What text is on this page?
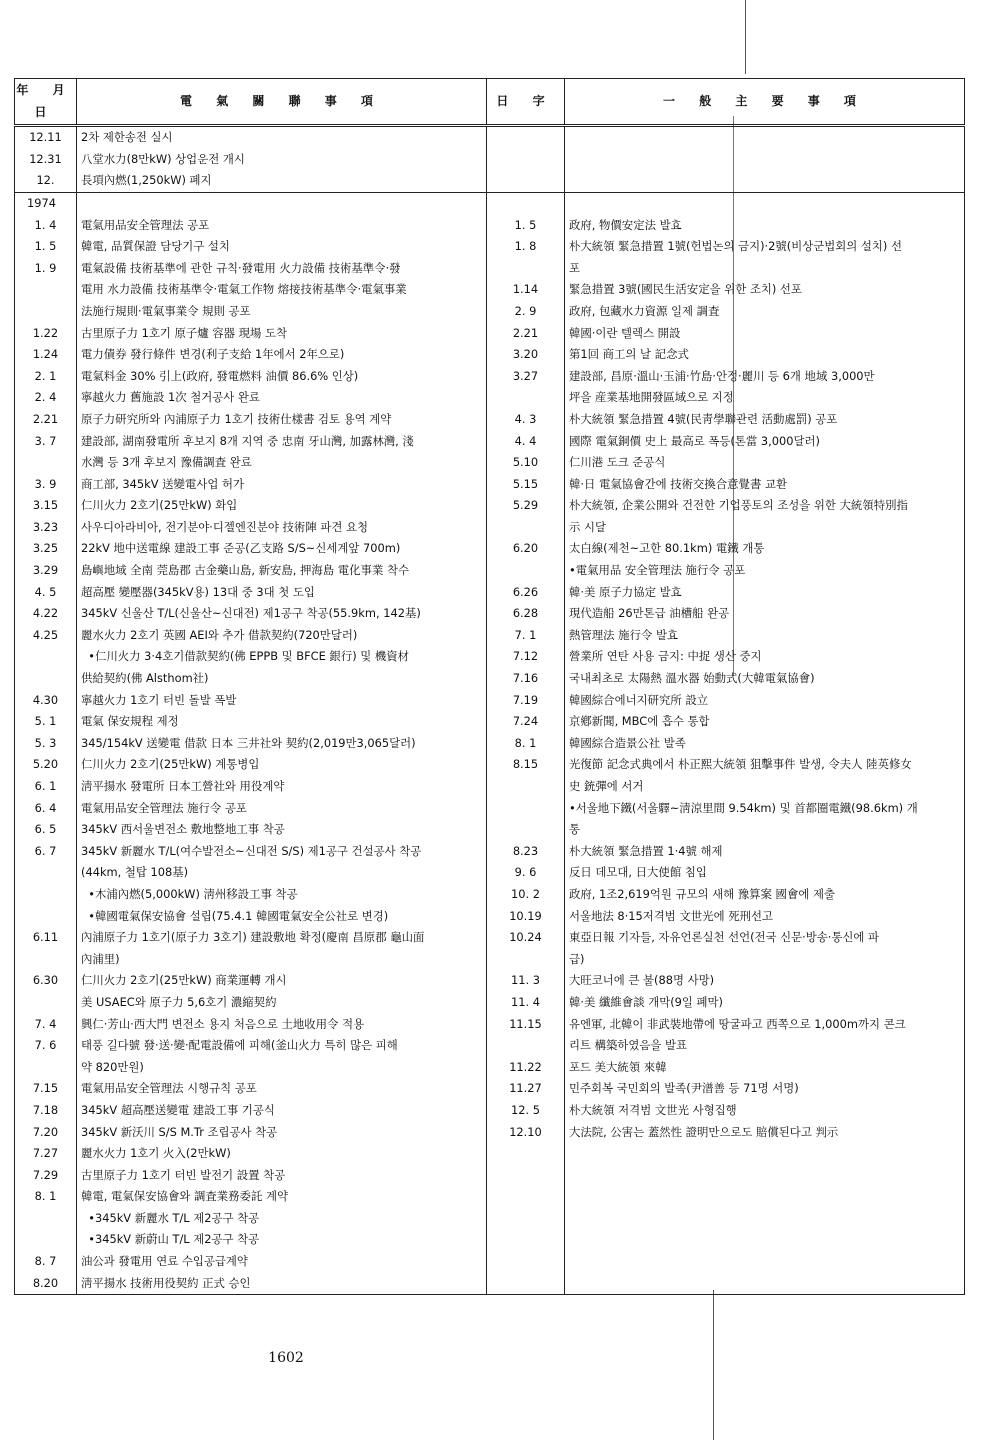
年 月 日	電 氣 關 聯 事 項	日 字	一 般 主 要 事 項
12.11	2차 제한송전 실시		
12.31	八堂水力(8만kW) 상업운전 개시		
12.	長項內燃(1,250kW) 폐지		
1974			
1. 4	電氣用品安全管理法 공포	1. 5	政府, 物價安定法 발효
1. 5	韓電, 品質保證 담당기구 설치	1. 8	朴大統領 緊急措置 1號(헌법논의 금지)·2號(비상군법회의 설치) 선
1. 9	電氣設備 技術基準에 관한 규칙·發電用 火力設備 技術基準令·發		포
	電用 水力設備 技術基準令·電氣工作物 熔接技術基準令·電氣事業	1.14	緊急措置 3號(國民生活安定을 위한 조치) 선포
	法施行規則·電氣事業令 規則 공포	2. 9	政府, 包藏水力資源 일제 調査
1.22	古里原子力 1호기 原子爐 容器 現場 도착	2.21	韓國·이란 텔렉스 開設
1.24	電力債券 發行條件 변경(利子支給 1年에서 2年으로)	3.20	第1回 商工의 날 記念式
2. 1	電氣料金 30% 引上(政府, 發電燃料 油價 86.6% 인상)	3.27	建設部, 昌原·溫山·玉浦·竹島·안정·麗川 등 6개 地域 3,000만
2. 4	寧越火力 舊施設 1次 철거공사 완료		坪을 産業基地開發區域으로 지정
2.21	原子力研究所와 內浦原子力 1호기 技術仕樣書 검토 용역 계약	4. 3	朴大統領 緊急措置 4號(民靑學聯관련 活動處罰) 공포
3. 7	建設部, 湖南發電所 후보지 8개 지역 중 忠南 牙山灣, 加露林灣, 淺	4. 4	國際 電氣銅價 史上 最高로 폭등(톤當 3,000달러)
	水灣 등 3개 후보지 豫備調査 완료	5.10	仁川港 도크 준공식
3. 9	商工部, 345kV 送變電사업 허가	5.15	韓·日 電氣協會간에 技術交換合意覺書 교환
3.15	仁川火力 2호기(25만kW) 화입	5.29	朴大統領, 企業公開와 건전한 기업풍토의 조성을 위한 大統領特別指
3.23	사우디아라비아, 전기분야·디젤엔진분야 技術陣 파견 요청		示 시달
3.25	22kV 地中送電線 建設工事 준공(乙支路 S/S~신세계앞 700m)	6.20	太白線(제천~고한 80.1km) 電鐵 개통
3.29	島嶼地域 全南 莞島郡 古金藥山島, 新安島, 押海島 電化事業 착수		•電氣用品 安全管理法 施行令 공포
4. 5	超高壓 變壓器(345kV용) 13대 중 3대 첫 도입	6.26	韓·美 原子力協定 발효
4.22	345kV 신울산 T/L(신울산~신대전) 제1공구 착공(55.9km, 142基)	6.28	現代造船 26만톤급 油槽船 완공
4.25	麗水火力 2호기 英國 AEI와 추가 借款契約(720만달러)	7. 1	熱管理法 施行令 발효
	•仁川火力 3·4호기借款契約(佛 EPPB 및 BFCE 銀行) 및 機資材	7.12	營業所 연탄 사용 금지: 中捉 생산 중지
	供給契約(佛 Alsthom社)	7.16	국내최초로 太陽熱 溫水器 始動式(大韓電氣協會)
4.30	寧越火力 1호기 터빈 돌발 폭발	7.19	韓國綜合에너지研究所 設立
5. 1	電氣 保安規程 제정	7.24	京鄕新聞, MBC에 흡수 통합
5. 3	345/154kV 送變電 借款 日本 三井社와 契約(2,019만3,065달러)	8. 1	韓國綜合造景公社 발족
5.20	仁川火力 2호기(25만kW) 계통병입	8.15	光復節 記念式典에서 朴正熙大統領 狙擊事件 발생, 令夫人 陸英修女
6. 1	淸平揚水 發電所 日本工營社와 用役계약		史 銃彈에 서거
6. 4	電氣用品安全管理法 施行令 공포		•서울地下鐵(서울驛~淸涼里間 9.54km) 및 首都圈電鐵(98.6km) 개
6. 5	345kV 西서울변전소 敷地整地工事 착공		통
6. 7	345kV 新麗水 T/L(여수발전소~신대전 S/S) 제1공구 건설공사 착공	8.23	朴大統領 緊急措置 1·4號 해제
	(44km, 철탑 108基)	9. 6	反日 데모대, 日大使館 침입
	•木浦內燃(5,000kW) 淸州移設工事 착공	10. 2	政府, 1조2,619억원 규모의 새해 豫算案 國會에 제출
	•韓國電氣保安協會 설립(75.4.1 韓國電氣安全公社로 변경)	10.19	서울地法 8·15저격범 文世光에 死刑선고
6.11	內浦原子力 1호기(原子力 3호기) 建設敷地 확정(慶南 昌原郡 龜山面	10.24	東亞日報 기자들, 자유언론실천 선언(전국 신문·방송·통신에 파
	內浦里)		급)
6.30	仁川火力 2호기(25만kW) 商業運轉 개시	11. 3	大旺코너에 큰 불(88명 사망)
	美 USAEC와 原子力 5,6호기 濃縮契約	11. 4	韓·美 纖維會談 개막(9일 폐막)
7. 4	興仁·芳山·西大門 변전소 용지 처음으로 土地收用令 적용	11.15	유엔軍, 北韓이 非武裝地帶에 땅굴파고 西쪽으로 1,000m까지 콘크
7. 6	태풍 길다號 發·送·變·配電設備에 피해(釜山火力 특히 많은 피해		리트 構築하였음을 발표
	약 820만원)	11.22	포드 美大統領 來韓
7.15	電氣用品安全管理法 시행규칙 공포	11.27	민주회복 국민회의 발족(尹潽善 등 71명 서명)
7.18	345kV 超高壓送變電 建設工事 기공식	12. 5	朴大統領 저격범 文世光 사형집행
7.20	345kV 新沃川 S/S M.Tr 조립공사 착공	12.10	大法院, 公害는 蓋然性 證明만으로도 賠償된다고 判示
7.27	麗水火力 1호기 火入(2만kW)		
7.29	古里原子力 1호기 터빈 발전기 設置 착공		
8. 1	韓電, 電氣保安協會와 調査業務委託 계약		
	•345kV 新麗水 T/L 제2공구 착공		
	•345kV 新蔚山 T/L 제2공구 착공		
8. 7	油公과 發電用 연료 수입공급계약		
8.20	淸平揚水 技術用役契約 正式 승인		
1602
